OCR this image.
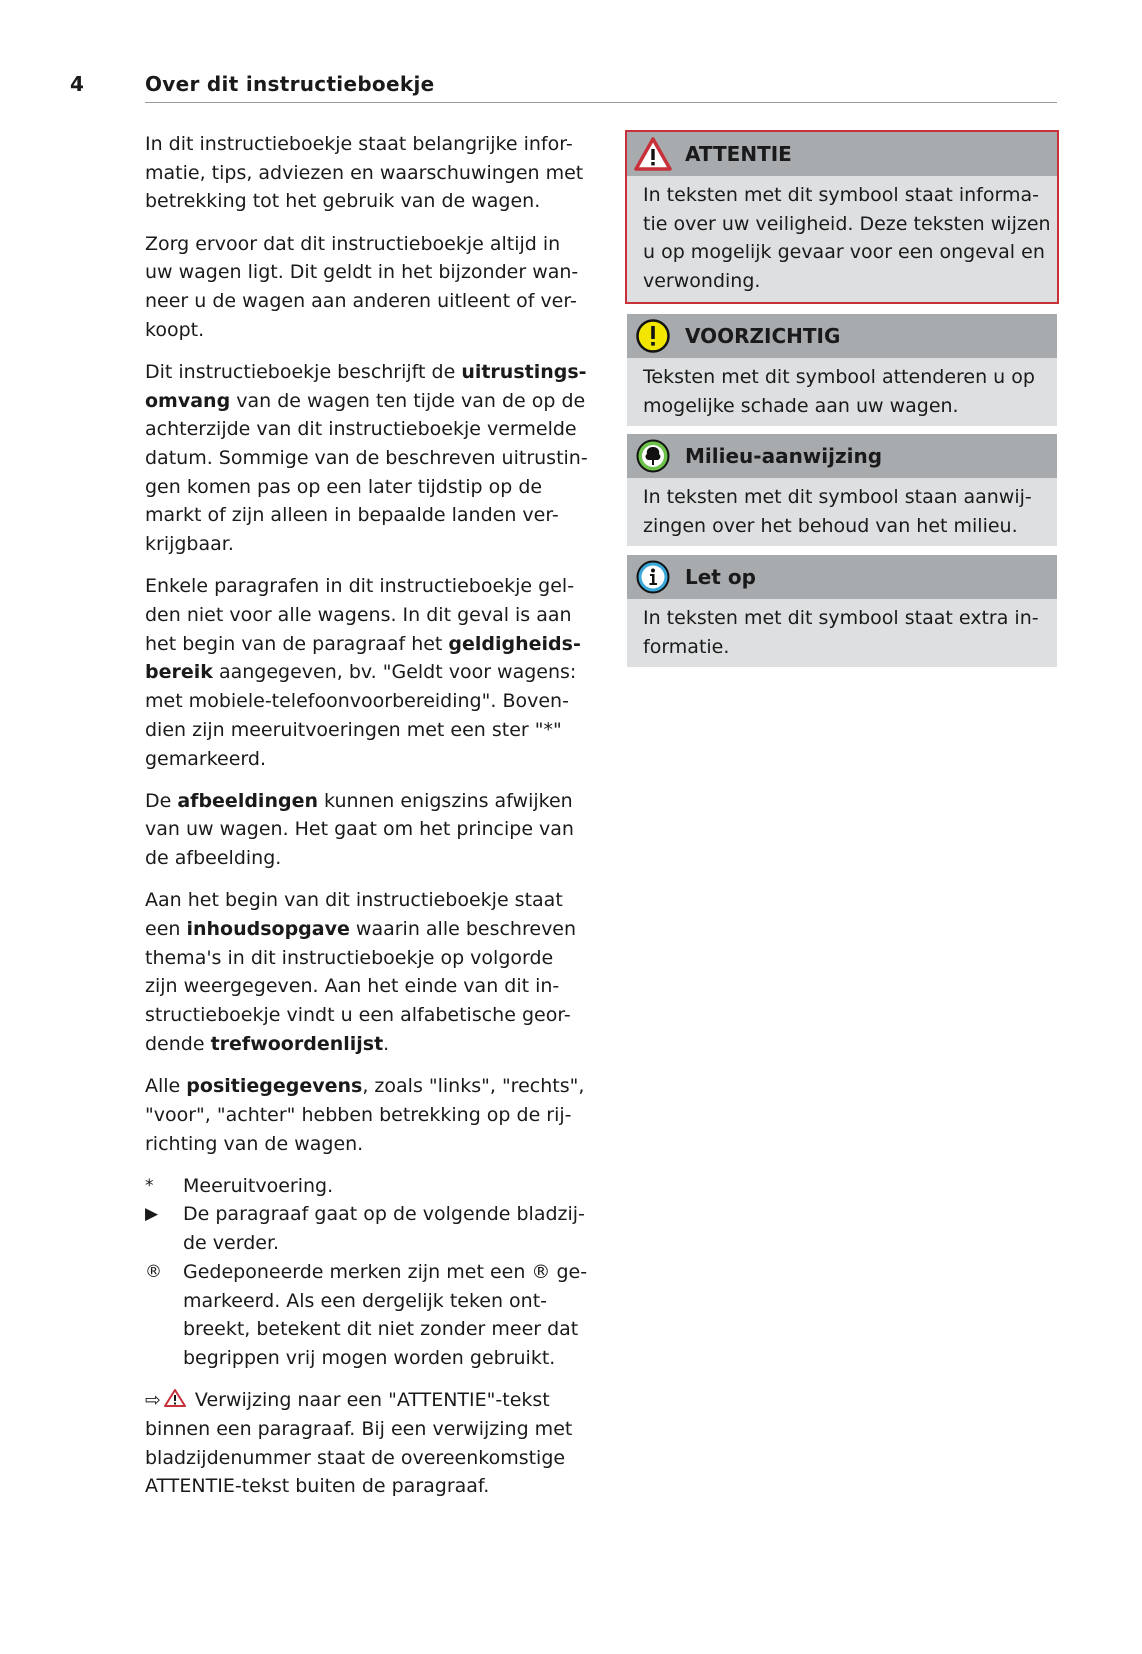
4	Over dit instructieboekje
In dit instructieboekje staat belangrijke infor-
matie, tips, adviezen en waarschuwingen met
betrekking tot het gebruik van de wagen.
Zorg ervoor dat dit instructieboekje altijd in
uw wagen ligt. Dit geldt in het bijzonder wan-
neer u de wagen aan anderen uitleent of ver-
koopt.
Dit instructieboekje beschrijft de uitrustings-
omvang van de wagen ten tijde van de op de
achterzijde van dit instructieboekje vermelde
datum. Sommige van de beschreven uitrustin-
gen komen pas op een later tijdstip op de
markt of zijn alleen in bepaalde landen ver-
krijgbaar.
Enkele paragrafen in dit instructieboekje gel-
den niet voor alle wagens. In dit geval is aan
het begin van de paragraaf het geldigheids-
bereik aangegeven, bv. "Geldt voor wagens:
met mobiele-telefoonvoorbereiding". Boven-
dien zijn meeruitvoeringen met een ster "*"
gemarkeerd.
De afbeeldingen kunnen enigszins afwijken
van uw wagen. Het gaat om het principe van
de afbeelding.
Aan het begin van dit instructieboekje staat
een inhoudsopgave waarin alle beschreven
thema's in dit instructieboekje op volgorde
zijn weergegeven. Aan het einde van dit in-
structieboekje vindt u een alfabetische geor-
dende trefwoordenlijst.
Alle positiegegevens, zoals "links", "rechts",
"voor", "achter" hebben betrekking op de rij-
richting van de wagen.
*	Meeruitvoering.
▶	De paragraaf gaat op de volgende bladzij-
de verder.
®	Gedeponeerde merken zijn met een ® ge-
markeerd. Als een dergelijk teken ont-
breekt, betekent dit niet zonder meer dat
begrippen vrij mogen worden gebruikt.
⇨ Verwijzing naar een "ATTENTIE"-tekst
binnen een paragraaf. Bij een verwijzing met
bladzijdenummer staat de overeenkomstige
ATTENTIE-tekst buiten de paragraaf.
ATTENTIE
In teksten met dit symbool staat informa-
tie over uw veiligheid. Deze teksten wijzen
u op mogelijk gevaar voor een ongeval en
verwonding.
VOORZICHTIG
Teksten met dit symbool attenderen u op
mogelijke schade aan uw wagen.
Milieu-aanwijzing
In teksten met dit symbool staan aanwij-
zingen over het behoud van het milieu.
Let op
In teksten met dit symbool staat extra in-
formatie.
